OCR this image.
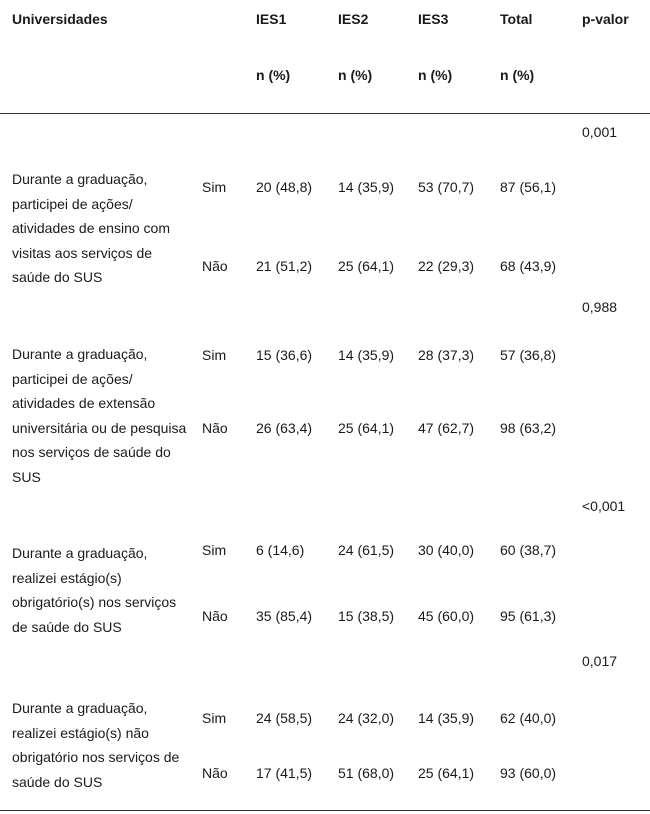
Universidades	IES1	IES2	IES3	Total	p-valor
n (%)	n (%)	n (%)	n (%)
0,001
Durante a graduação, participei de ações/ atividades de ensino com visitas aos serviços de saúde do SUS
Sim 20 (48,8) 14 (35,9) 53 (70,7) 87 (56,1)
Não 21 (51,2) 25 (64,1) 22 (29,3) 68 (43,9)
0,988
Durante a graduação, participei de ações/ atividades de extensão universitária ou de pesquisa nos serviços de saúde do SUS
Sim 15 (36,6) 14 (35,9) 28 (37,3) 57 (36,8)
Não 26 (63,4) 25 (64,1) 47 (62,7) 98 (63,2)
<0,001
Durante a graduação, realizei estágio(s) obrigatório(s) nos serviços de saúde do SUS
Sim 6 (14,6) 24 (61,5) 30 (40,0) 60 (38,7)
Não 35 (85,4) 15 (38,5) 45 (60,0) 95 (61,3)
0,017
Durante a graduação, realizei estágio(s) não obrigatório nos serviços de saúde do SUS
Sim 24 (58,5) 24 (32,0) 14 (35,9) 62 (40,0)
Não 17 (41,5) 51 (68,0) 25 (64,1) 93 (60,0)
